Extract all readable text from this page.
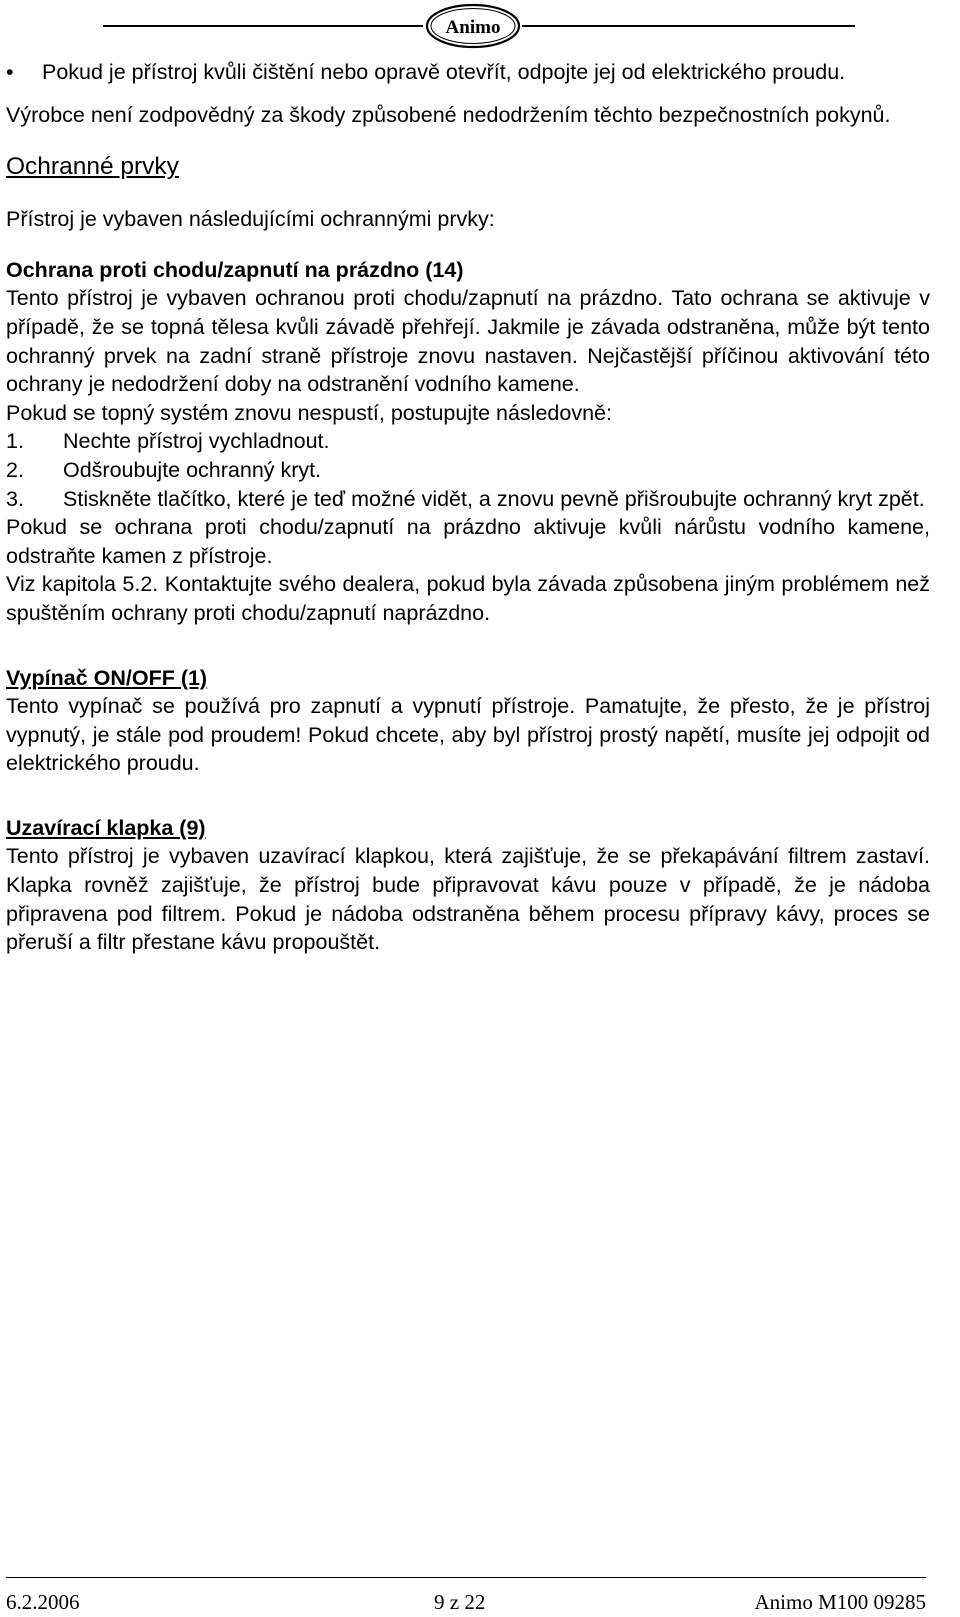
Animo
• Pokud je přístroj kvůli čištění nebo opravě otevřít, odpojte jej od elektrického proudu.

Výrobce není zodpovědný za škody způsobené nedodržením těchto bezpečnostních pokynů.

Ochranné prvky

Přístroj je vybaven následujícími ochrannými prvky:

Ochrana proti chodu/zapnutí na prázdno (14)

Tento přístroj je vybaven ochranou proti chodu/zapnutí na prázdno. Tato ochrana se aktivuje v případě, že se topná tělesa kvůli závadě přehřejí. Jakmile je závada odstraněna, může být tento ochranný prvek na zadní straně přístroje znovu nastaven. Nejčastější příčinou aktivování této ochrany je nedodržení doby na odstranění vodního kamene.

Pokud se topný systém znovu nespustí, postupujte následovně:

1. Nechte přístroj vychladnout.
2. Odšroubujte ochranný kryt.
3. Stiskněte tlačítko, které je teď možné vidět, a znovu pevně přišroubujte ochranný kryt zpět.

Pokud se ochrana proti chodu/zapnutí na prázdno aktivuje kvůli nárůstu vodního kamene, odstraňte kamen z přístroje.

Viz kapitola 5.2. Kontaktujte svého dealera, pokud byla závada způsobena jiným problémem než spuštěním ochrany proti chodu/zapnutí naprázdno.

Vypínač ON/OFF (1)

Tento vypínač se používá pro zapnutí a vypnutí přístroje. Pamatujte, že přesto, že je přístroj vypnutý, je stále pod proudem! Pokud chcete, aby byl přístroj prostý napětí, musíte jej odpojit od elektrického proudu.

Uzavírací klapka (9)

Tento přístroj je vybaven uzavírací klapkou, která zajišťuje, že se překapávání filtrem zastaví. Klapka rovněž zajišťuje, že přístroj bude připravovat kávu pouze v případě, že je nádoba připravena pod filtrem. Pokud je nádoba odstraněna během procesu přípravy kávy, proces se přeruší a filtr přestane kávu propouštět.

6.2.2006	9 z 22	Animo M100 09285
